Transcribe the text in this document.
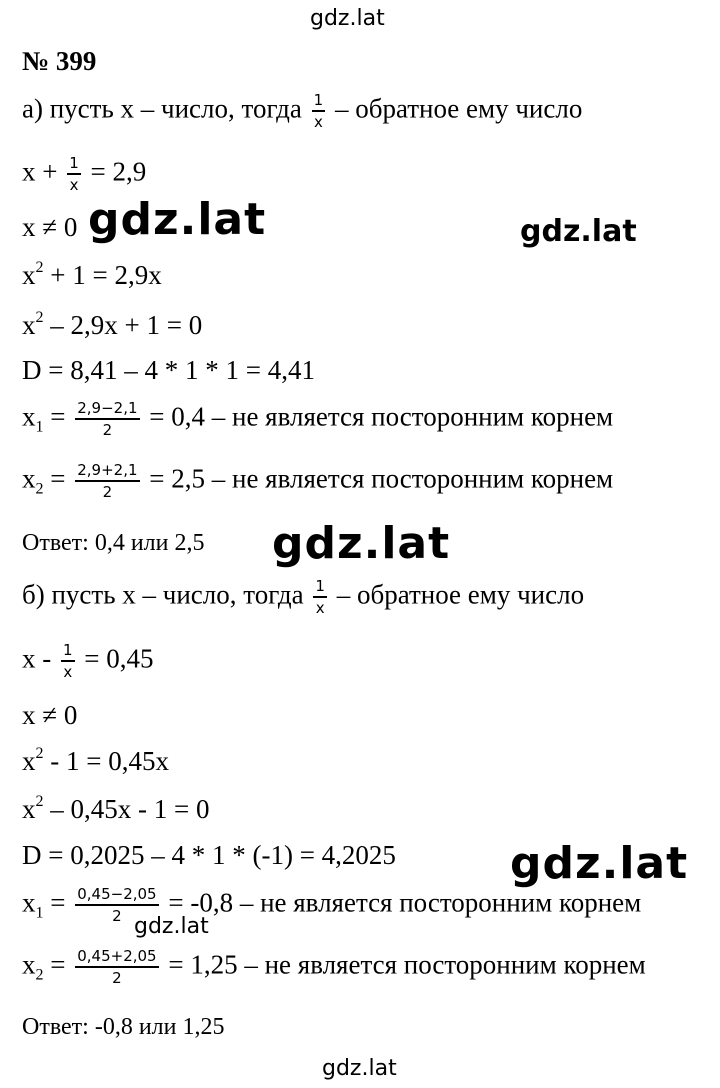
gdz.lat
gdz.lat	gdz.lat
gdz.lat
gdz.lat
gdz.lat
gdz.lat
№ 399
а) пусть х – число, тогда $\frac{1}{x}$ – обратное ему число
$х + \frac{1}{x} = 2,9$
х ≠ 0
$х^2 + 1 = 2,9х$
$х^2 - 2,9х + 1 = 0$
D = 8,41 – 4 * 1 * 1 = 4,41
$х_1 = \frac{2,9-2,1}{2} = 0,4$ – не является посторонним корнем
$х_2 = \frac{2,9+2,1}{2} = 2,5$ – не является посторонним корнем
Ответ: 0,4 или 2,5
б) пусть х – число, тогда $\frac{1}{x}$ – обратное ему число
$х - \frac{1}{x} = 0,45$
х ≠ 0
$х^2 - 1 = 0,45х$
$х^2 - 0,45х - 1 = 0$
D = 0,2025 – 4 * 1 * (-1) = 4,2025
$х_1 = \frac{0,45-2,05}{2} = -0,8$ – не является посторонним корнем
$х_2 = \frac{0,45+2,05}{2} = 1,25$ – не является посторонним корнем
Ответ: -0,8 или 1,25
